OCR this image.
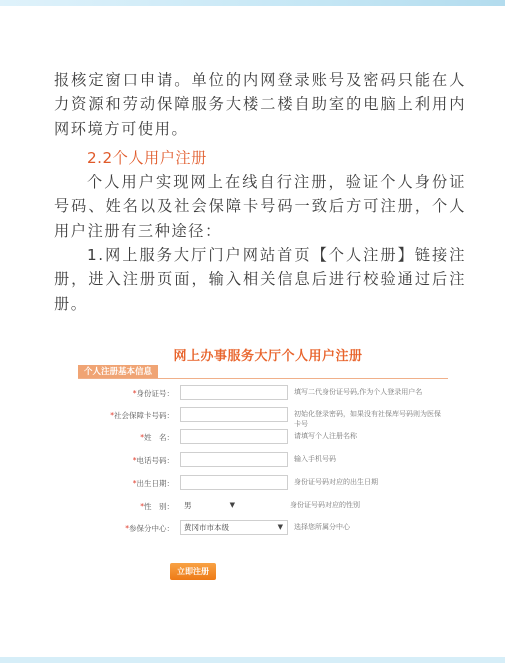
报核定窗口申请。单位的内网登录账号及密码只能在人力资源和劳动保障服务大楼二楼自助室的电脑上利用内网环境方可使用。

2.2个人用户注册

个人用户实现网上在线自行注册，验证个人身份证号码、姓名以及社会保障卡号码一致后方可注册，个人用户注册有三种途径：

1.网上服务大厅门户网站首页【个人注册】链接注册，进入注册页面，输入相关信息后进行校验通过后注册。

网上办事服务大厅个人用户注册
个人注册基本信息
*身份证号：	填写二代身份证号码,作为个人登录用户名
*社会保障卡号码：	初始化登录密码，如果没有社保库号码则为医保卡号
*姓　名：	请填写个人注册名称
*电话号码：	输入手机号码
*出生日期：	身份证号码对应的出生日期
*性　别：	男	▼	身份证号码对应的性别
*参保分中心：	黄冈市市本级	▼ 选择您所属分中心
立即注册
